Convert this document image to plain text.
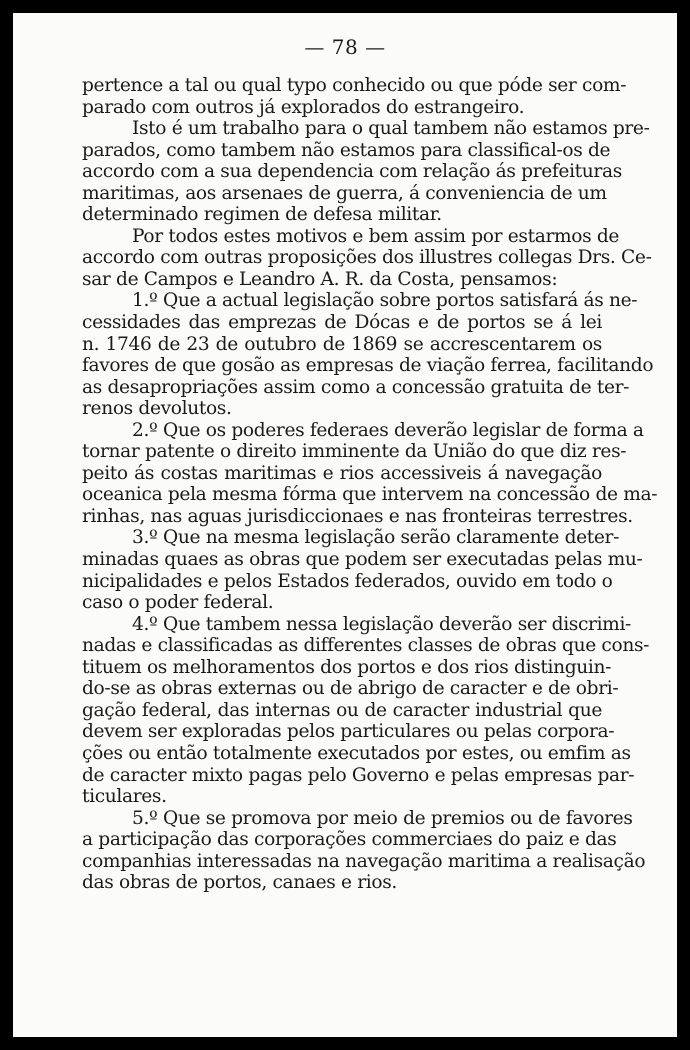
— 78 —
pertence a tal ou qual typo conhecido ou que póde ser com-
parado com outros já explorados do estrangeiro.
Isto é um trabalho para o qual tambem não estamos pre-
parados, como tambem não estamos para classifical-os de
accordo com a sua dependencia com relação ás prefeituras
maritimas, aos arsenaes de guerra, á conveniencia de um
determinado regimen de defesa militar.
Por todos estes motivos e bem assim por estarmos de
accordo com outras proposições dos illustres collegas Drs. Ce-
sar de Campos e Leandro A. R. da Costa, pensamos:
1.º Que a actual legislação sobre portos satisfará ás ne-
cessidades das emprezas de Dócas e de portos se á lei
n. 1746 de 23 de outubro de 1869 se accrescentarem os
favores de que gosão as empresas de viação ferrea, facilitando
as desapropriações assim como a concessão gratuita de ter-
renos devolutos.
2.º Que os poderes federaes deverão legislar de forma a
tornar patente o direito imminente da União do que diz res-
peito ás costas maritimas e rios accessiveis á navegação
oceanica pela mesma fórma que intervem na concessão de ma-
rinhas, nas aguas jurisdiccionaes e nas fronteiras terrestres.
3.º Que na mesma legislação serão claramente deter-
minadas quaes as obras que podem ser executadas pelas mu-
nicipalidades e pelos Estados federados, ouvido em todo o
caso o poder federal.
4.º Que tambem nessa legislação deverão ser discrimi-
nadas e classificadas as differentes classes de obras que cons-
tituem os melhoramentos dos portos e dos rios distinguin-
do-se as obras externas ou de abrigo de caracter e de obri-
gação federal, das internas ou de caracter industrial que
devem ser exploradas pelos particulares ou pelas corpora-
ções ou então totalmente executados por estes, ou emfim as
de caracter mixto pagas pelo Governo e pelas empresas par-
ticulares.
5.º Que se promova por meio de premios ou de favores
a participação das corporações commerciaes do paiz e das
companhias interessadas na navegação maritima a realisação
das obras de portos, canaes e rios.
